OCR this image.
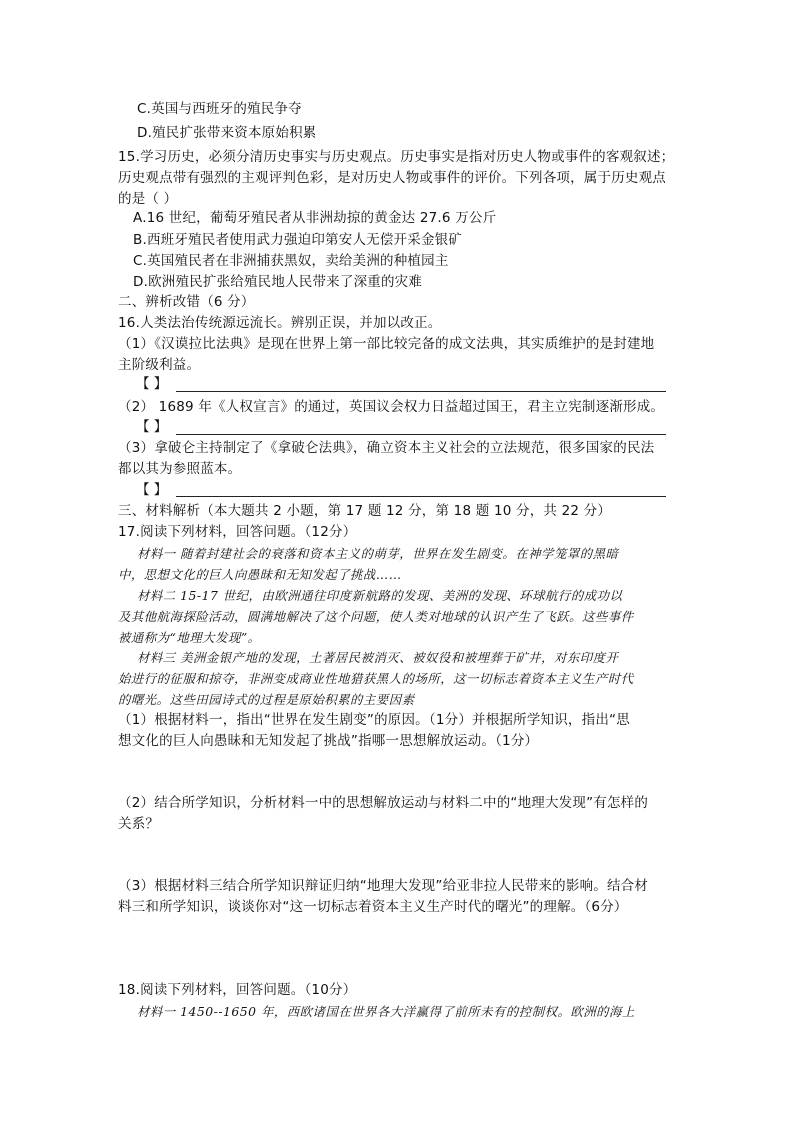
C.英国与西班牙的殖民争夺
D.殖民扩张带来资本原始积累
15.学习历史，必须分清历史事实与历史观点。历史事实是指对历史人物或事件的客观叙述；
历史观点带有强烈的主观评判色彩，是对历史人物或事件的评价。下列各项，属于历史观点
的是（ ）
A.16 世纪，葡萄牙殖民者从非洲劫掠的黄金达 27.6 万公斤
B.西班牙殖民者使用武力强迫印第安人无偿开采金银矿
C.英国殖民者在非洲捕获黑奴，卖给美洲的种植园主
D.欧洲殖民扩张给殖民地人民带来了深重的灾难
二、辨析改错（6 分）
16.人类法治传统源远流长。辨别正误，并加以改正。
（1）《汉谟拉比法典》是现在世界上第一部比较完备的成文法典，其实质维护的是封建地
主阶级利益。
【 】
（2） 1689 年《人权宣言》的通过，英国议会权力日益超过国王，君主立宪制逐渐形成。
【 】
（3）拿破仑主持制定了《拿破仑法典》，确立资本主义社会的立法规范，很多国家的民法
都以其为参照蓝本。
【 】
三、材料解析（本大题共 2 小题，第 17 题 12 分，第 18 题 10 分，共 22 分）
17.阅读下列材料，回答问题。（12分）
材料一 随着封建社会的衰落和资本主义的萌芽，世界在发生剧变。在神学笼罩的黑暗
中，思想文化的巨人向愚昧和无知发起了挑战……
材料二 15-17 世纪，由欧洲通往印度新航路的发现、美洲的发现、环球航行的成功以
及其他航海探险活动，圆满地解决了这个问题，使人类对地球的认识产生了飞跃。这些事件
被通称为“地理大发现”。
材料三 美洲金银产地的发现，土著居民被消灭、被奴役和被埋葬于矿井，对东印度开
始进行的征服和掠夺，非洲变成商业性地猎获黑人的场所，这一切标志着资本主义生产时代
的曙光。这些田园诗式的过程是原始积累的主要因素
（1）根据材料一，指出“世界在发生剧变”的原因。（1分）并根据所学知识，指出“思
想文化的巨人向愚昧和无知发起了挑战”指哪一思想解放运动。（1分）
（2）结合所学知识，分析材料一中的思想解放运动与材料二中的“地理大发现”有怎样的
关系？
（3）根据材料三结合所学知识辩证归纳“地理大发现”给亚非拉人民带来的影响。结合材
料三和所学知识，谈谈你对“这一切标志着资本主义生产时代的曙光”的理解。（6分）
18.阅读下列材料，回答问题。（10分）
材料一 1450--1650 年，西欧诸国在世界各大洋赢得了前所未有的控制权。欧洲的海上
